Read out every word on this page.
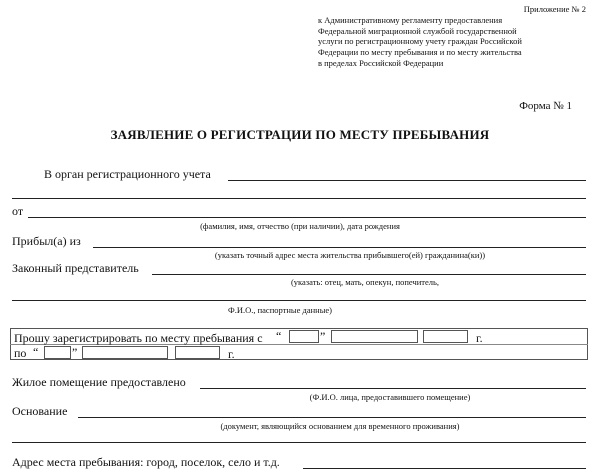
Приложение № 2
к Административному регламенту предоставления
Федеральной миграционной службой государственной
услуги по регистрационному учету граждан Российской
Федерации по месту пребывания и по месту жительства
в пределах Российской Федерации
Форма № 1
ЗАЯВЛЕНИЕ О РЕГИСТРАЦИИ ПО МЕСТУ ПРЕБЫВАНИЯ
В орган регистрационного учета
от
(фамилия, имя, отчество (при наличии), дата рождения
Прибыл(а) из
(указать точный адрес места жительства прибывшего(ей) гражданина(ки))
Законный представитель
(указать: отец, мать, опекун, попечитель,
Ф.И.О., паспортные данные)
Прошу зарегистрировать по месту пребывания с “	”	г.
по “	”	г.
Жилое помещение предоставлено
(Ф.И.О. лица, предоставившего помещение)
Основание
(документ, являющийся основанием для временного проживания)
Адрес места пребывания: город, поселок, село и т.д.
